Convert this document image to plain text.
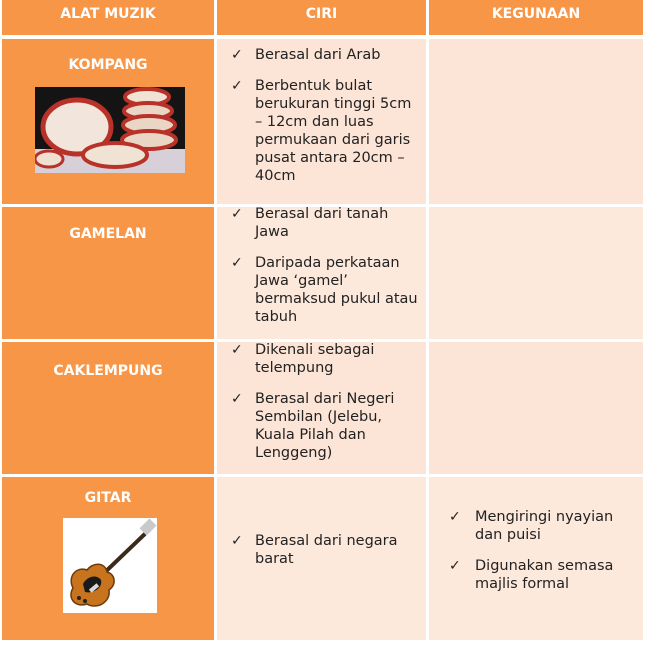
ALAT MUZIK	CIRI	KEGUNAAN
KOMPANG
✓ Berasal dari Arab
✓ Berbentuk bulat berukuran tinggi 5cm – 12cm dan luas permukaan dari garis pusat antara 20cm – 40cm
GAMELAN
✓ Berasal dari tanah Jawa
✓ Daripada perkataan Jawa ‘gamel’ bermaksud pukul atau tabuh
CAKLEMPUNG
✓ Dikenali sebagai telempung
✓ Berasal dari Negeri Sembilan (Jelebu, Kuala Pilah dan Lenggeng)
GITAR
✓ Berasal dari negara barat
✓ Mengiringi nyayian dan puisi
✓ Digunakan semasa majlis formal
